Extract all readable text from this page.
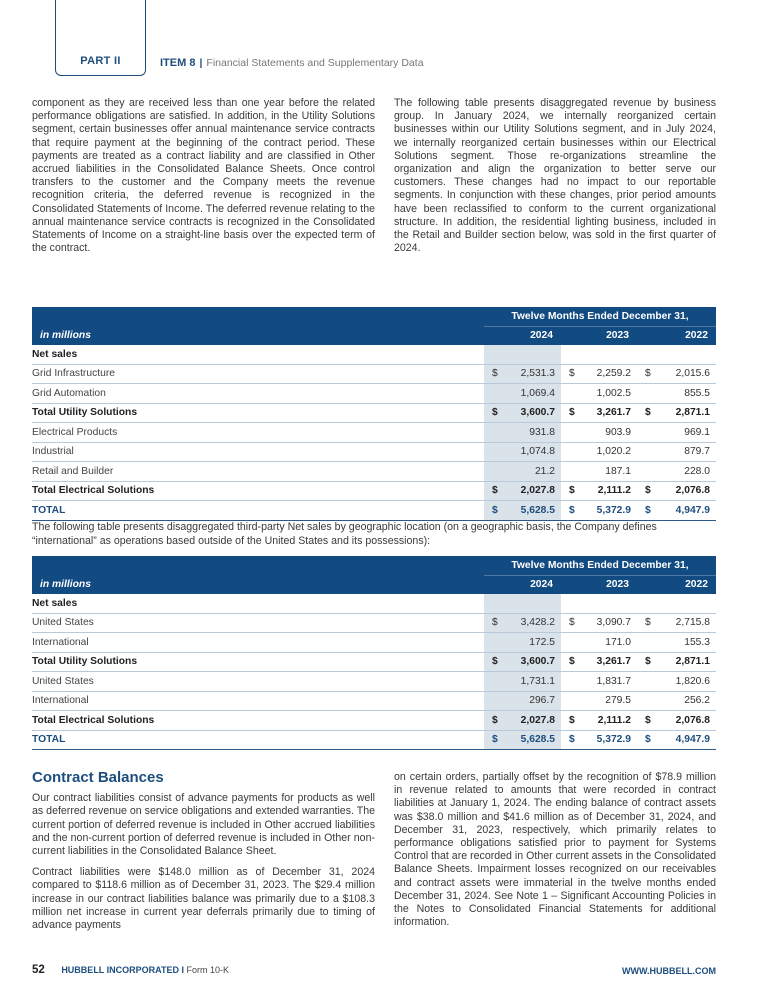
PART II	ITEM 8 | Financial Statements and Supplementary Data

component as they are received less than one year before the related performance obligations are satisfied. In addition, in the Utility Solutions segment, certain businesses offer annual maintenance service contracts that require payment at the beginning of the contract period. These payments are treated as a contract liability and are classified in Other accrued liabilities in the Consolidated Balance Sheets. Once control transfers to the customer and the Company meets the revenue recognition criteria, the deferred revenue is recognized in the Consolidated Statements of Income. The deferred revenue relating to the annual maintenance service contracts is recognized in the Consolidated Statements of Income on a straight-line basis over the expected term of the contract.

The following table presents disaggregated revenue by business group. In January 2024, we internally reorganized certain businesses within our Utility Solutions segment, and in July 2024, we internally reorganized certain businesses within our Electrical Solutions segment. Those re-organizations streamline the organization and align the organization to better serve our customers. These changes had no impact to our reportable segments. In conjunction with these changes, prior period amounts have been reclassified to conform to the current organizational structure. In addition, the residential lighting business, included in the Retail and Builder section below, was sold in the first quarter of 2024.

	Twelve Months Ended December 31,					
in millions	2024		2023		2022	
Net sales						
Grid Infrastructure	$	2,531.3	$	2,259.2	$	2,015.6
Grid Automation		1,069.4		1,002.5		855.5
Total Utility Solutions	$	3,600.7	$	3,261.7	$	2,871.1
Electrical Products		931.8		903.9		969.1
Industrial		1,074.8		1,020.2		879.7
Retail and Builder		21.2		187.1		228.0
Total Electrical Solutions	$	2,027.8	$	2,111.2	$	2,076.8
TOTAL	$	5,628.5	$	5,372.9	$	4,947.9
The following table presents disaggregated third-party Net sales by geographic location (on a geographic basis, the Company defines “international” as operations based outside of the United States and its possessions):
	Twelve Months Ended December 31,					
in millions	2024		2023		2022	
Net sales						
United States	$	3,428.2	$	3,090.7	$	2,715.8
International		172.5		171.0		155.3
Total Utility Solutions	$	3,600.7	$	3,261.7	$	2,871.1
United States		1,731.1		1,831.7		1,820.6
International		296.7		279.5		256.2
Total Electrical Solutions	$	2,027.8	$	2,111.2	$	2,076.8
TOTAL	$	5,628.5	$	5,372.9	$	4,947.9
Contract Balances

Our contract liabilities consist of advance payments for products as well as deferred revenue on service obligations and extended warranties. The current portion of deferred revenue is included in Other accrued liabilities and the non-current portion of deferred revenue is included in Other non-current liabilities in the Consolidated Balance Sheet.

Contract liabilities were $148.0 million as of December 31, 2024 compared to $118.6 million as of December 31, 2023. The $29.4 million increase in our contract liabilities balance was primarily due to a $108.3 million net increase in current year deferrals primarily due to timing of advance payments

on certain orders, partially offset by the recognition of $78.9 million in revenue related to amounts that were recorded in contract liabilities at January 1, 2024. The ending balance of contract assets was $38.0 million and $41.6 million as of December 31, 2024, and December 31, 2023, respectively, which primarily relates to performance obligations satisfied prior to payment for Systems Control that are recorded in Other current assets in the Consolidated Balance Sheets. Impairment losses recognized on our receivables and contract assets were immaterial in the twelve months ended December 31, 2024. See Note 1 – Significant Accounting Policies in the Notes to Consolidated Financial Statements for additional information.

52 HUBBELL INCORPORATED I Form 10-K	WWW.HUBBELL.COM
